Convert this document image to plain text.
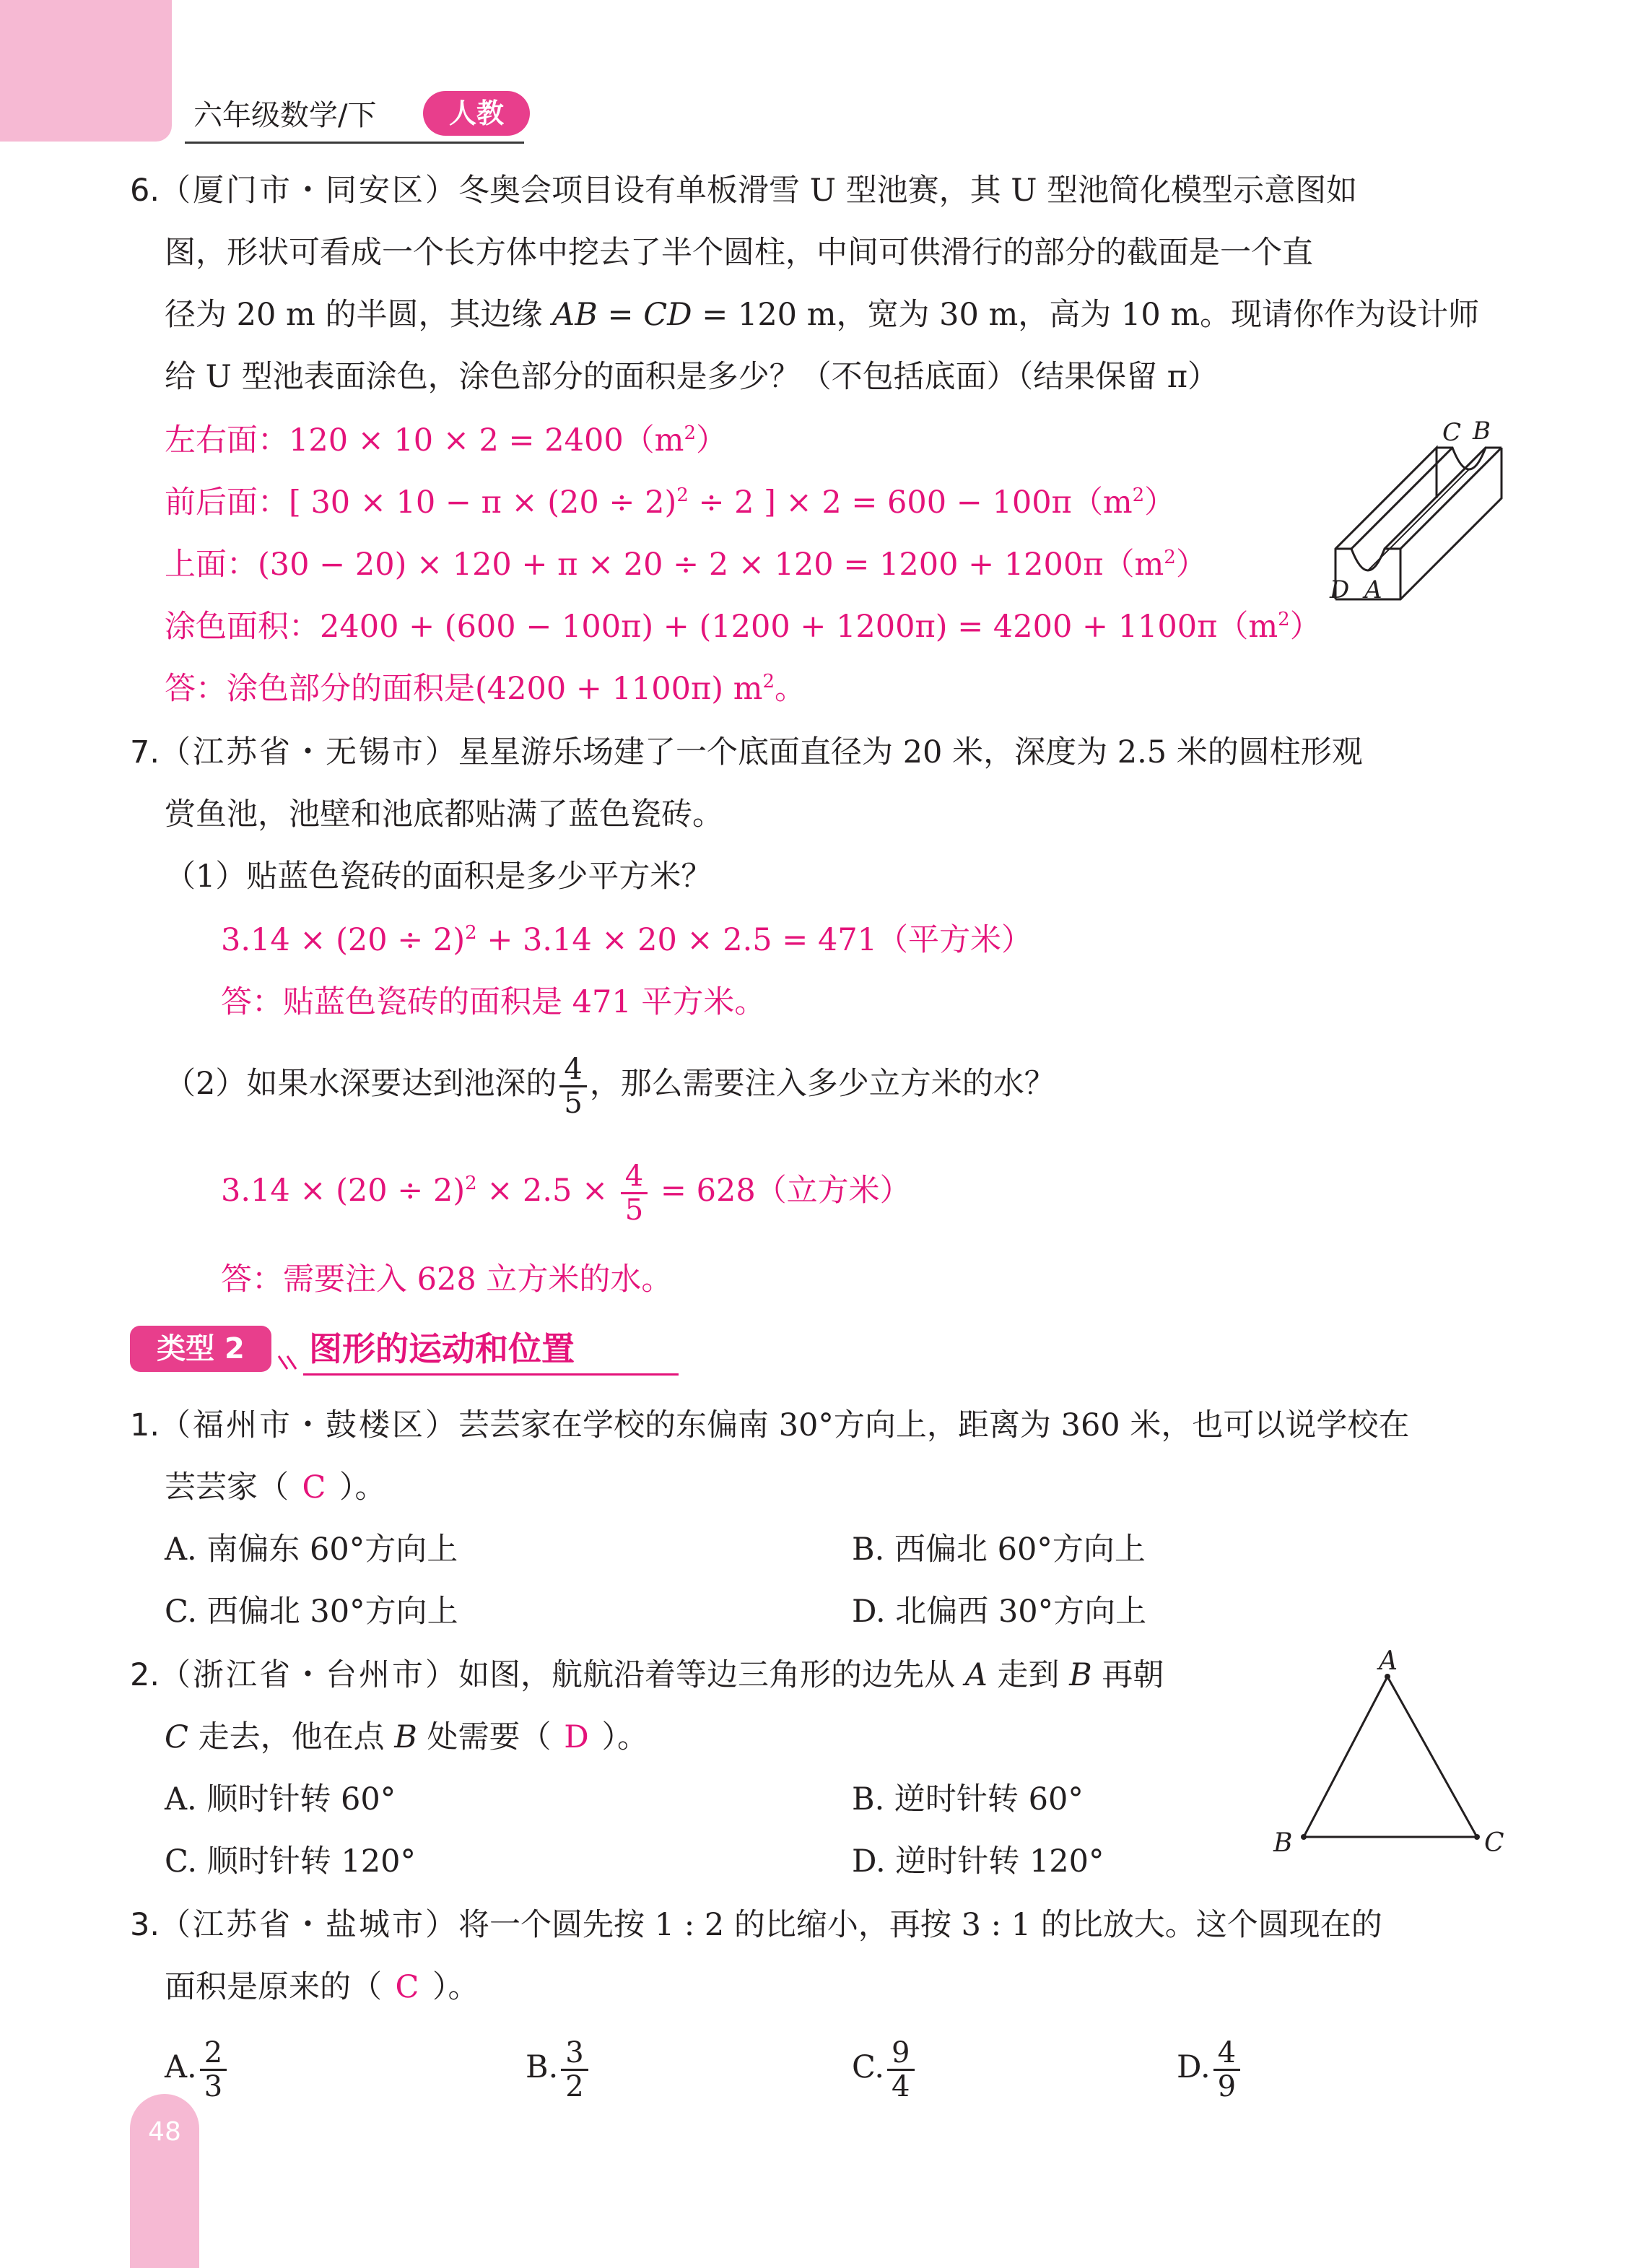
六年级数学/下	人教
6.（厦门市・同安区）冬奥会项目设有单板滑雪 U 型池赛，其 U 型池简化模型示意图如
图，形状可看成一个长方体中挖去了半个圆柱，中间可供滑行的部分的截面是一个直
径为 20 m 的半圆，其边缘 AB = CD = 120 m，宽为 30 m，高为 10 m。现请你作为设计师
给 U 型池表面涂色，涂色部分的面积是多少？（不包括底面）（结果保留 π）
左右面：$120 \times 10 \times 2 = 2400(m^2)$
前后面：[ $30 \times 10 - \pi \times (20 \div 2)^2 \div 2$ ] × $2 = 600 - 100\pi(m^2)$
上面：$(30 - 20) \times 120 + \pi \times 20 \div 2 \times 120 = 1200 + 1200\pi(m^2)$
涂色面积：$2400 + (600 - 100\pi) + (1200 + 1200\pi) = 4200 + 1100\pi(m^2)$
答：涂色部分的面积是(4200 + 1100π) $m^2$。
C B
D A
7.（江苏省・无锡市）星星游乐场建了一个底面直径为 20 米，深度为 2.5 米的圆柱形观
赏鱼池，池壁和池底都贴满了蓝色瓷砖。
（1）贴蓝色瓷砖的面积是多少平方米？
$3.14 \times (20 \div 2)^2 + 3.14 \times 20 \times 2.5 = 471$（平方米）
答：贴蓝色瓷砖的面积是 471 平方米。
（2）如果水深要达到池深的 $\frac{4}{5}$ ，那么需要注入多少立方米的水？
$3.14 \times (20 \div 2)^2 \times 2.5 \times \frac{4}{5} = 628$（立方米）
答：需要注入 628 立方米的水。
类型 2	图形的运动和位置
1.（福州市・鼓楼区）芸芸家在学校的东偏南 30°方向上，距离为 360 米，也可以说学校在
芸芸家（ C ）。
A. 南偏东 60°方向上	B. 西偏北 60°方向上
C. 西偏北 30°方向上	D. 北偏西 30°方向上
2.（浙江省・台州市）如图，航航沿着等边三角形的边先从 A 走到 B 再朝
C 走去，他在点 B 处需要（ D ）。
A. 顺时针转 60°	B. 逆时针转 60°
C. 顺时针转 120°	D. 逆时针转 120°
A
B	C
3.（江苏省・盐城市）将一个圆先按 1 : 2 的比缩小，再按 3 : 1 的比放大。这个圆现在的
面积是原来的（ C ）。
A. $\frac{2}{3}$	B. $\frac{3}{2}$	C. $\frac{9}{4}$	D. $\frac{4}{9}$
48
